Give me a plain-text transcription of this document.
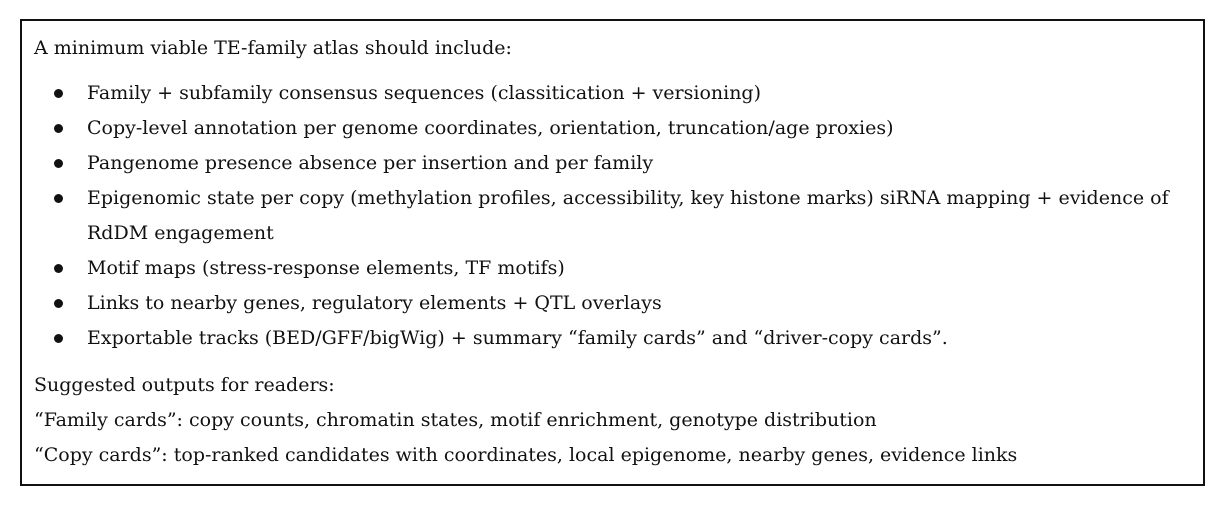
A minimum viable TE-family atlas should include:

Family + subfamily consensus sequences (classitication + versioning)
Copy-level annotation per genome coordinates, orientation, truncation/age proxies)
Pangenome presence absence per insertion and per family
Epigenomic state per copy (methylation profiles, accessibility, key histone marks) siRNA mapping + evidence of
RdDM engagement
Motif maps (stress-response elements, TF motifs)
Links to nearby genes, regulatory elements + QTL overlays
Exportable tracks (BED/GFF/bigWig) + summary “family cards” and “driver-copy cards”.

Suggested outputs for readers:

“Family cards”: copy counts, chromatin states, motif enrichment, genotype distribution

“Copy cards”: top-ranked candidates with coordinates, local epigenome, nearby genes, evidence links
